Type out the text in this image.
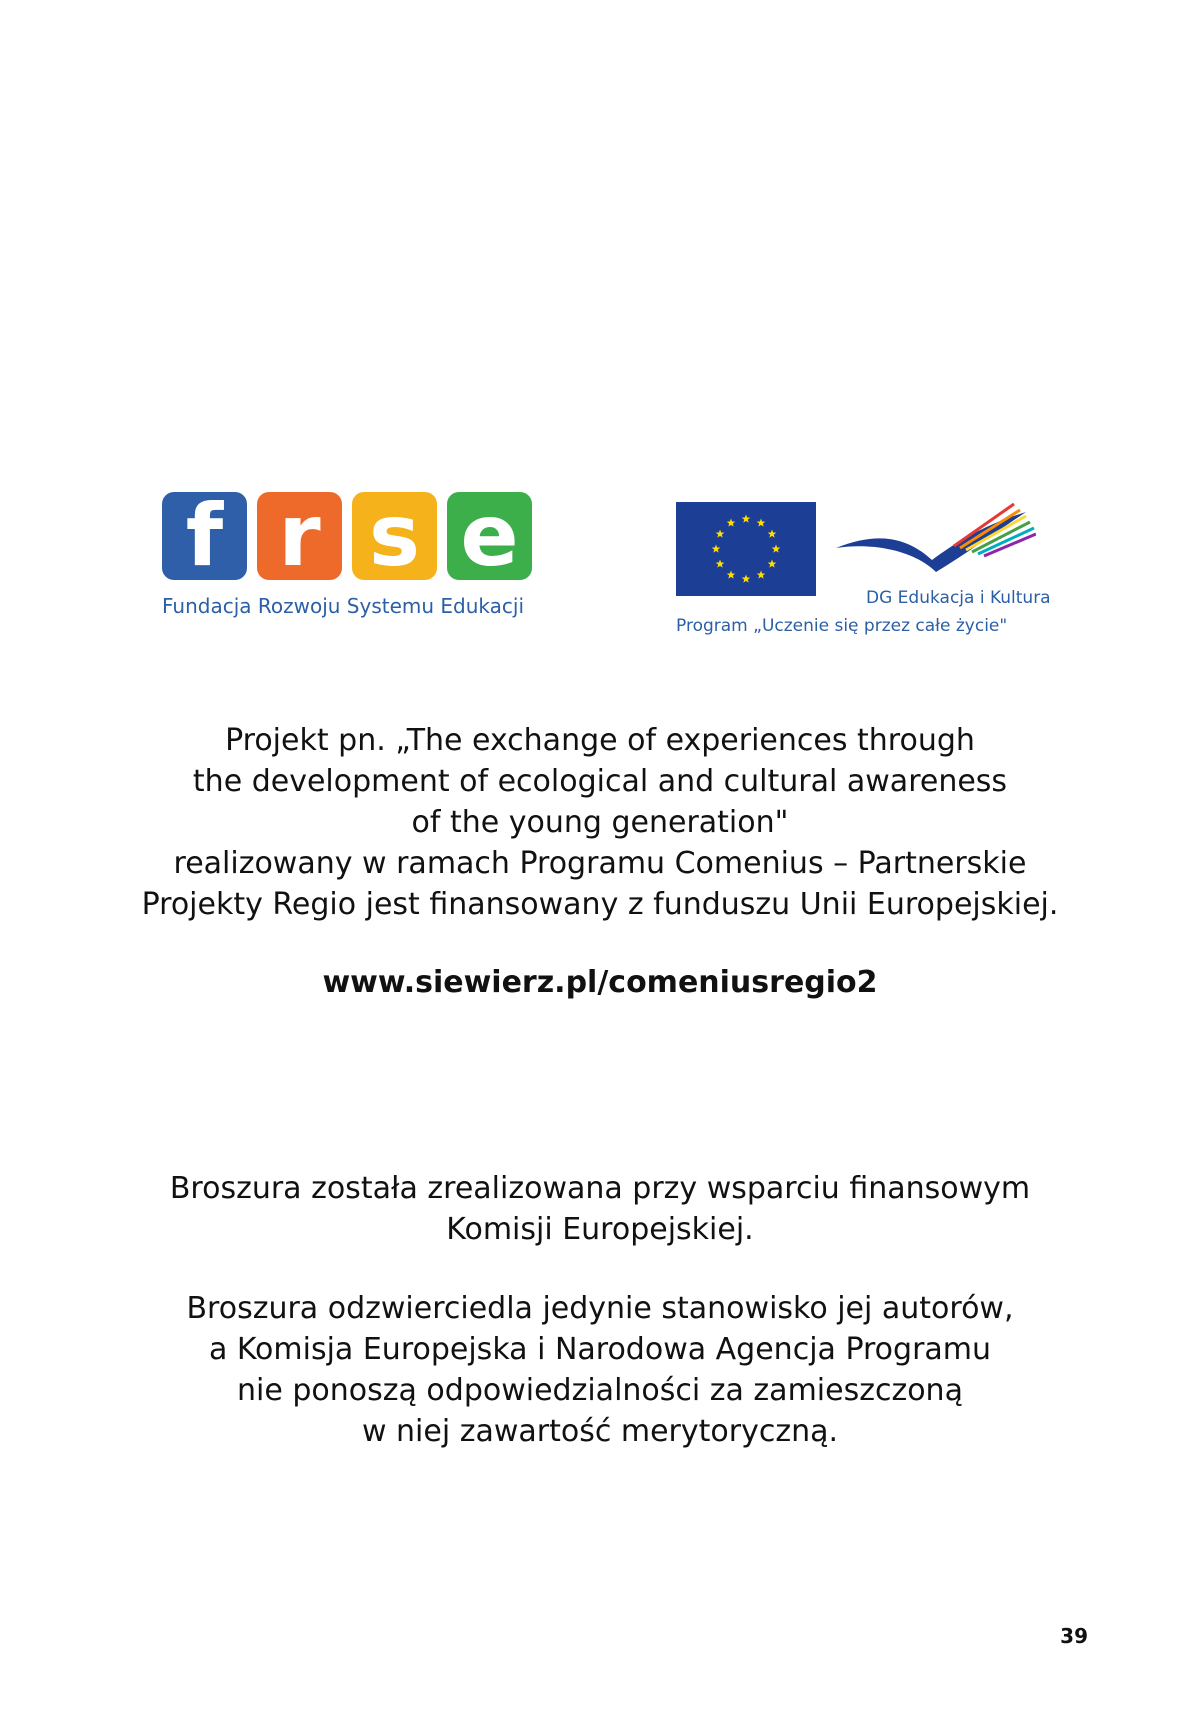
f r s e
Fundacja Rozwoju Systemu Edukacji	DG Edukacja i Kultura
Program „Uczenie się przez całe życie"

Projekt pn. „The exchange of experiences through

the development of ecological and cultural awareness

of the young generation"

realizowany w ramach Programu Comenius – Partnerskie

Projekty Regio jest finansowany z funduszu Unii Europejskiej.

www.siewierz.pl/comeniusregio2

Broszura została zrealizowana przy wsparciu finansowym

Komisji Europejskiej.

Broszura odzwierciedla jedynie stanowisko jej autorów,

a Komisja Europejska i Narodowa Agencja Programu

nie ponoszą odpowiedzialności za zamieszczoną

w niej zawartość merytoryczną.

39
